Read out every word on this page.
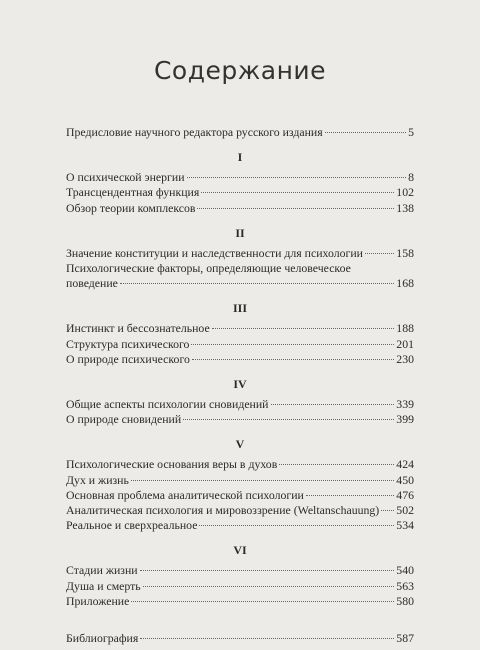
Содержание
Предисловие научного редактора русского издания	5
I
О психической энергии	8
Трансцендентная функция	102
Обзор теории комплексов	138
II
Значение конституции и наследственности для психологии	158
Психологические факторы, определяющие человеческое
поведение	168
III
Инстинкт и бессознательное	188
Структура психического	201
О природе психического	230
IV
Общие аспекты психологии сновидений	339
О природе сновидений	399
V
Психологические основания веры в духов	424
Дух и жизнь	450
Основная проблема аналитической психологии	476
Аналитическая психология и мировоззрение (Weltanschauung) 502
Реальное и сверхреальное	534
VI
Стадии жизни	540
Душа и смерть	563
Приложение	580
Библиография	587
